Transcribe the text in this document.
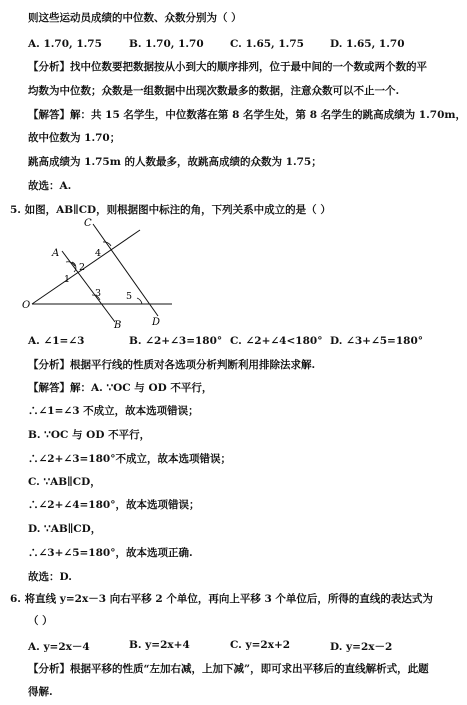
则这些运动员成绩的中位数、众数分别为（ ）
A. 1.70, 1.75	B. 1.70, 1.70	C. 1.65, 1.75 D. 1.65, 1.70
【分析】找中位数要把数据按从小到大的顺序排列，位于最中间的一个数或两个数的平
均数为中位数；众数是一组数据中出现次数最多的数据，注意众数可以不止一个.
【解答】解：共 15 名学生，中位数落在第 8 名学生处，第 8 名学生的跳高成绩为 1.70m，
故中位数为 1.70；
跳高成绩为 1.75m 的人数最多，故跳高成绩的众数为 1.75；
故选：A.
5. 如图，AB∥CD，则根据图中标注的角，下列关系中成立的是（ ）
C
A	4
2
1
3	5
O
B	D
A. ∠1=∠3	B. ∠2+∠3=180° C. ∠2+∠4<180° D. ∠3+∠5=180°
【分析】根据平行线的性质对各选项分析判断利用排除法求解.
【解答】解：A. ∵OC 与 OD 不平行，
∴∠1=∠3 不成立，故本选项错误；
B. ∵OC 与 OD 不平行，
∴∠2+∠3=180°不成立，故本选项错误；
C. ∵AB∥CD，
∴∠2+∠4=180°，故本选项错误；
D. ∵AB∥CD，
∴∠3+∠5=180°，故本选项正确.
故选：D.
6. 将直线 y=2x－3 向右平移 2 个单位，再向上平移 3 个单位后，所得的直线的表达式为
（ ）
A. y=2x－4	B. y=2x+4	C. y=2x+2	D. y=2x－2
【分析】根据平移的性质“左加右减，上加下减”，即可求出平移后的直线解析式，此题
得解.
